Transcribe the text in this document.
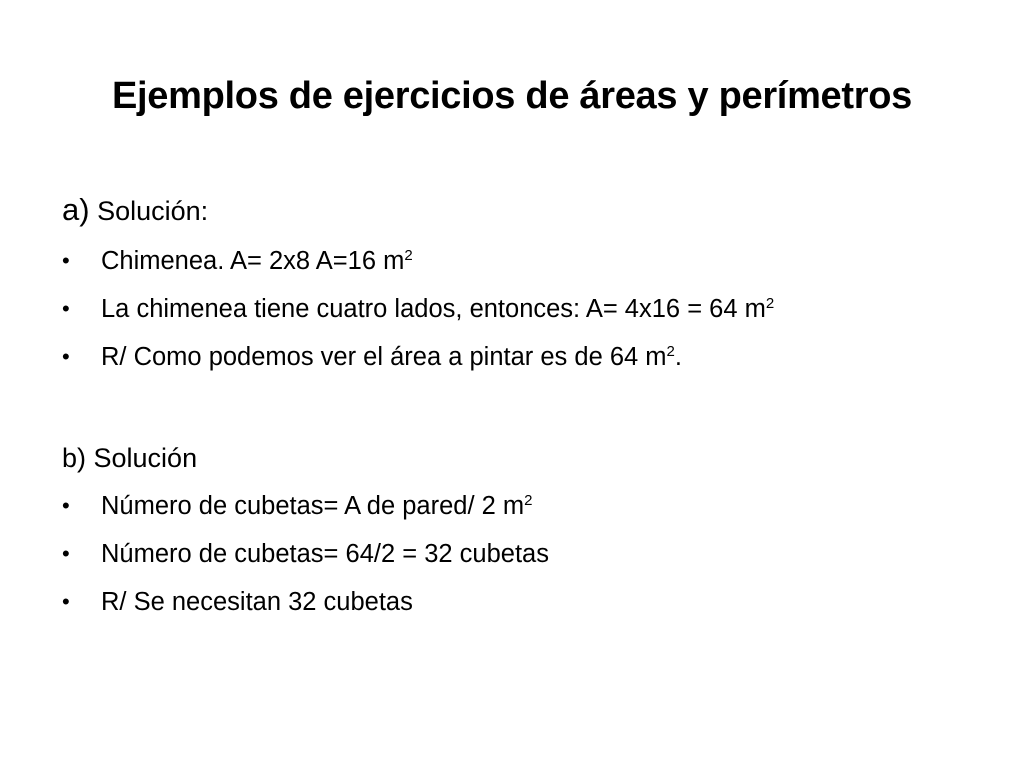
Ejemplos de ejercicios de áreas y perímetros

a) Solución:

• Chimenea. A= 2x8 A=16 $m^2$
• La chimenea tiene cuatro lados, entonces: A= 4x16 = 64 $m^2$
• R/ Como podemos ver el área a pintar es de 64 $m^2$.

b) Solución

• Número de cubetas= A de pared/ 2 $m^2$
• Número de cubetas= 64/2 = 32 cubetas
• R/ Se necesitan 32 cubetas
